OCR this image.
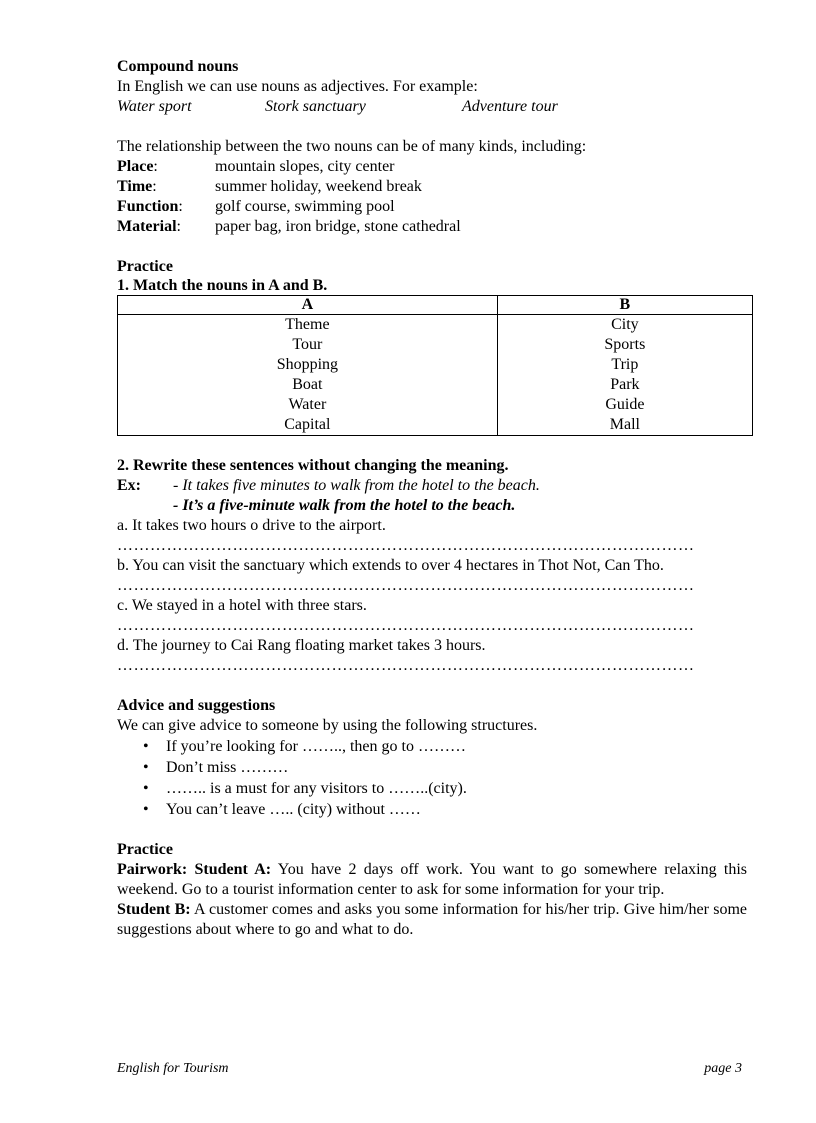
Compound nouns
In English we can use nouns as adjectives. For example:
Water sport	Stork sanctuary	Adventure tour
The relationship between the two nouns can be of many kinds, including:
Place:	mountain slopes, city center
Time:	summer holiday, weekend break
Function:	golf course, swimming pool
Material:	paper bag, iron bridge, stone cathedral
Practice
1. Match the nouns in A and B.
A	B
Theme	City
Tour	Sports
Shopping	Trip
Boat	Park
Water	Guide
Capital	Mall
2. Rewrite these sentences without changing the meaning.
Ex:	- It takes five minutes to walk from the hotel to the beach.
- It’s a five-minute walk from the hotel to the beach.
a. It takes two hours o drive to the airport.
……………………………………………………………………………………………
b. You can visit the sanctuary which extends to over 4 hectares in Thot Not, Can Tho.
……………………………………………………………………………………………
c. We stayed in a hotel with three stars.
……………………………………………………………………………………………
d. The journey to Cai Rang floating market takes 3 hours.
……………………………………………………………………………………………
Advice and suggestions
We can give advice to someone by using the following structures.
• If you’re looking for …….., then go to ………
• Don’t miss ………
• …….. is a must for any visitors to ……..(city).
• You can’t leave ….. (city) without ……
Practice
Pairwork: Student A: You have 2 days off work. You want to go somewhere relaxing this weekend. Go to a tourist information center to ask for some information for your trip.
Student B: A customer comes and asks you some information for his/her trip. Give him/her some suggestions about where to go and what to do.
English for Tourism	page 3
